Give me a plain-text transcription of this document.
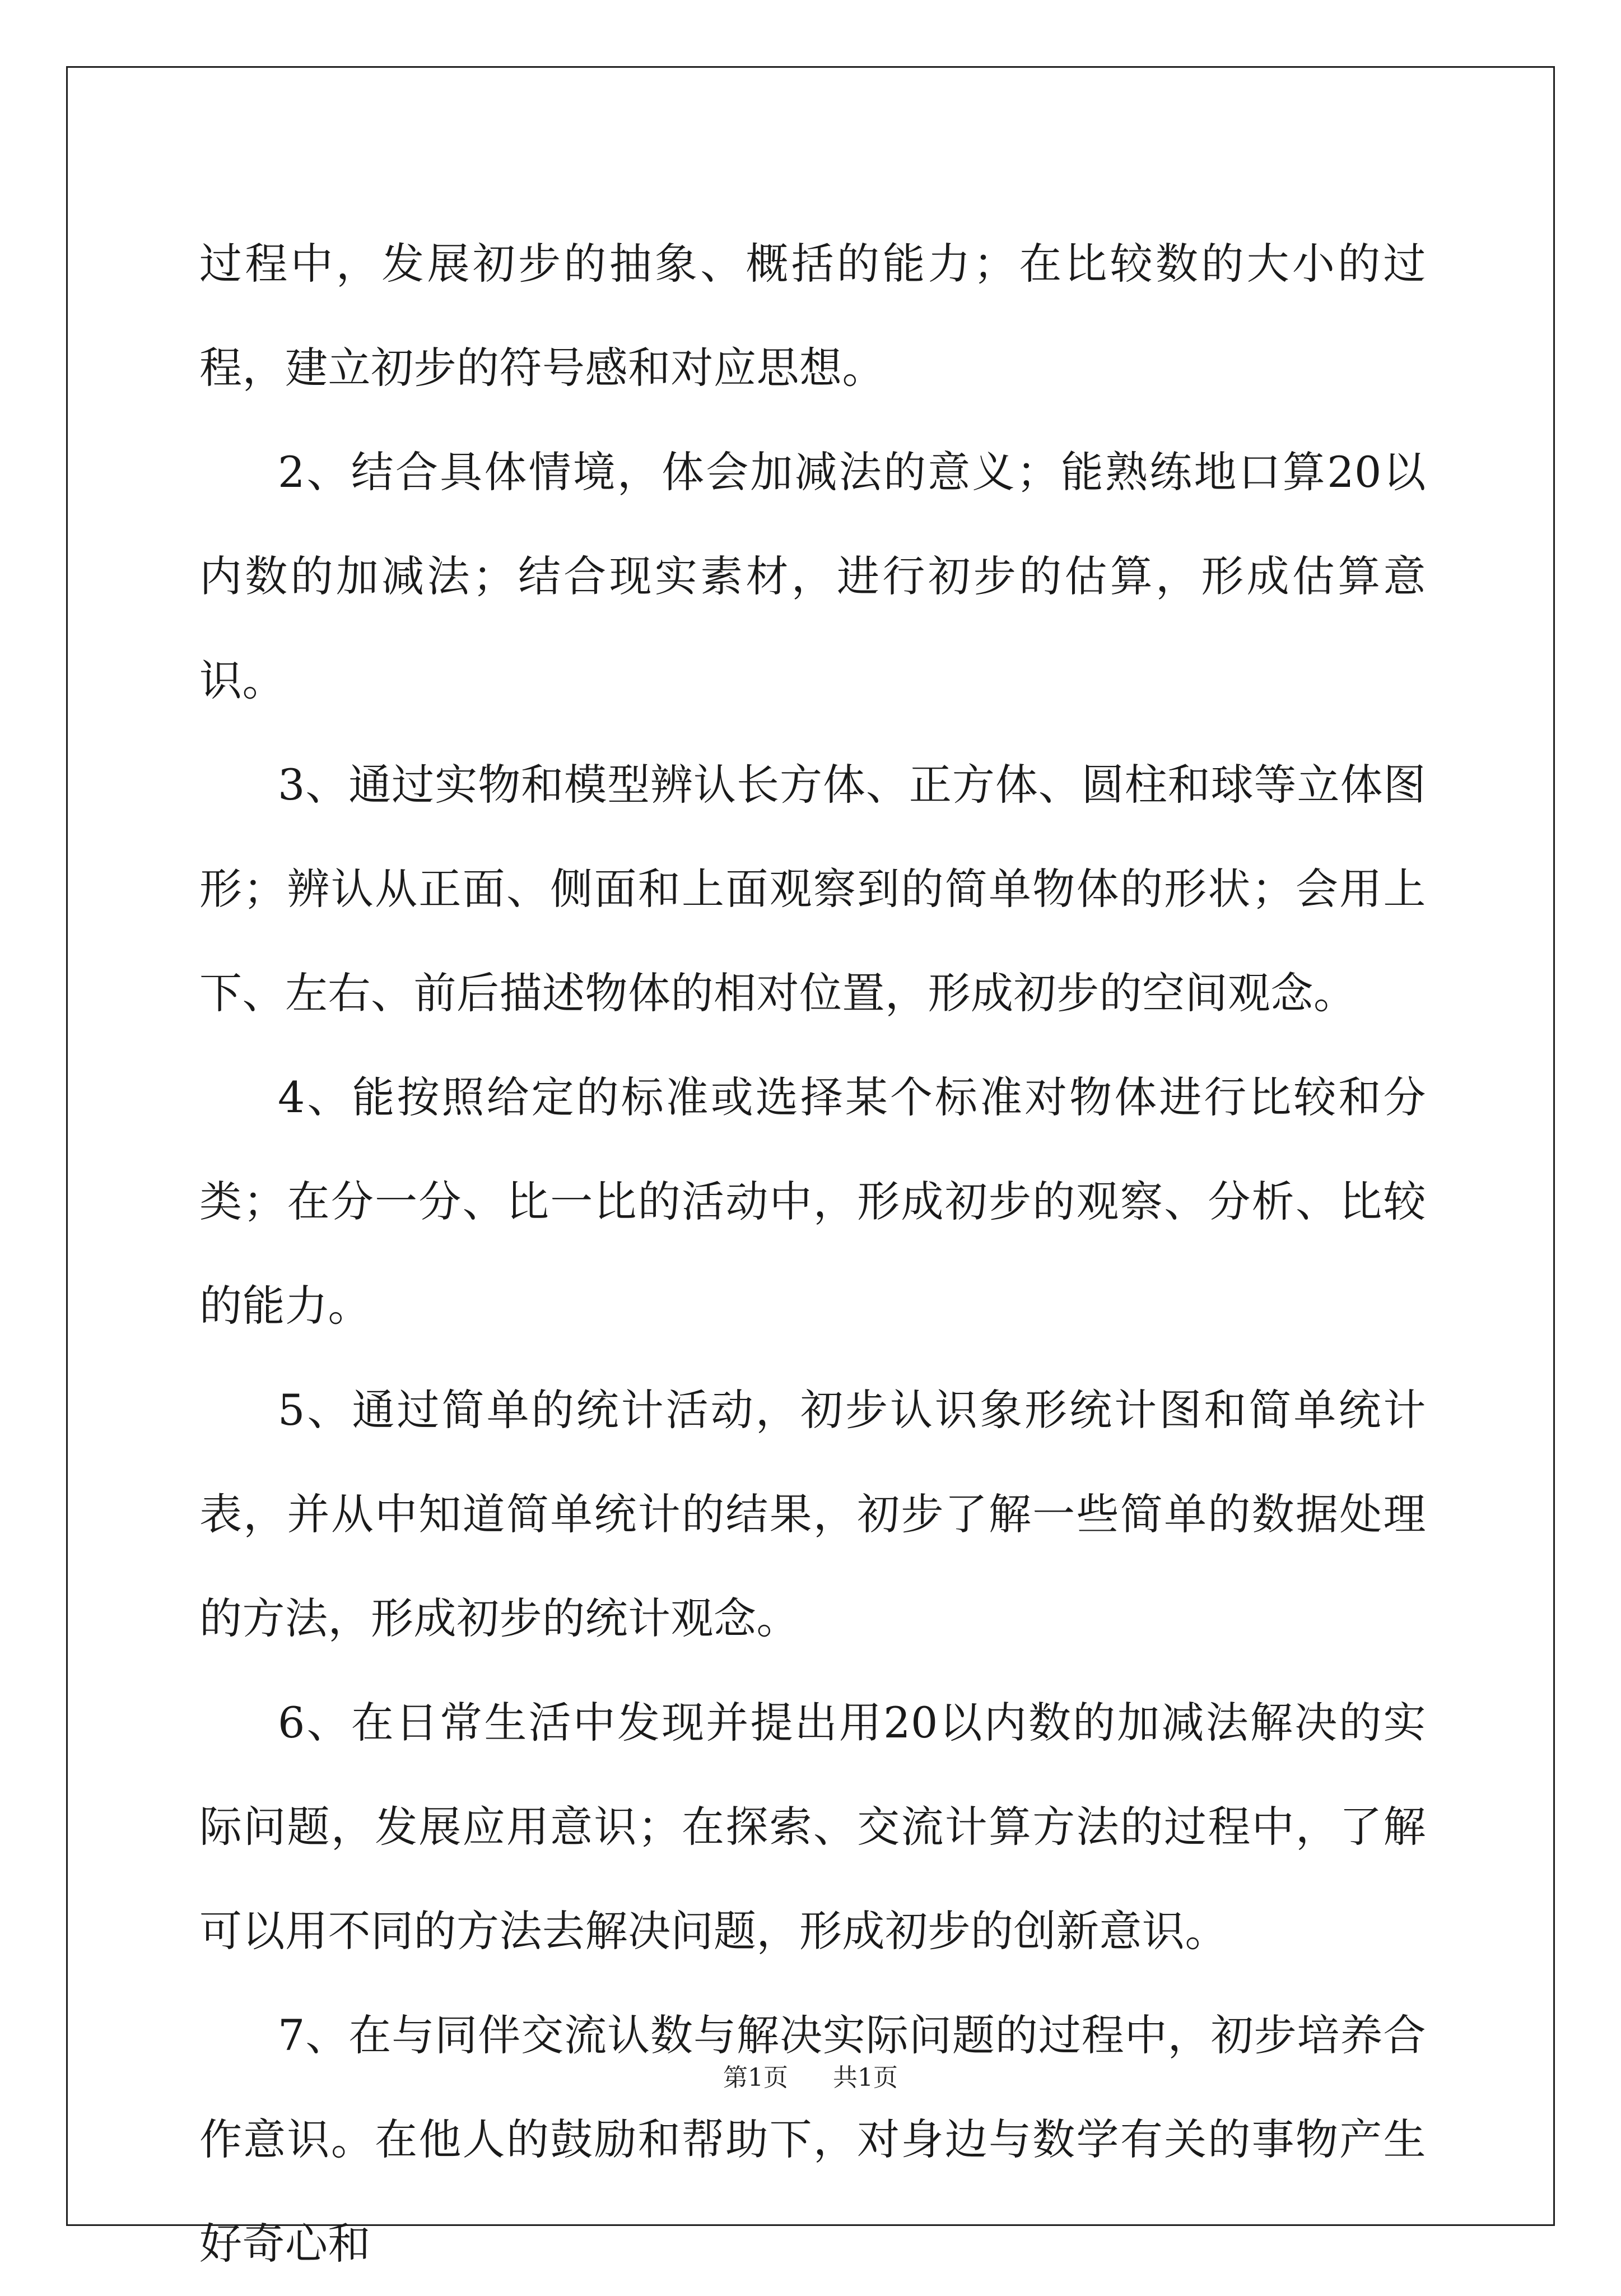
过程中，发展初步的抽象、概括的能力；在比较数的大小的过程，建立初步的符号感和对应思想。

2、结合具体情境，体会加减法的意义；能熟练地口算20以内数的加减法；结合现实素材，进行初步的估算，形成估算意识。

3、通过实物和模型辨认长方体、正方体、圆柱和球等立体图形；辨认从正面、侧面和上面观察到的简单物体的形状；会用上下、左右、前后描述物体的相对位置，形成初步的空间观念。

4、能按照给定的标准或选择某个标准对物体进行比较和分类；在分一分、比一比的活动中，形成初步的观察、分析、比较的能力。

5、通过简单的统计活动，初步认识象形统计图和简单统计表，并从中知道简单统计的结果，初步了解一些简单的数据处理的方法，形成初步的统计观念。

6、在日常生活中发现并提出用20以内数的加减法解决的实际问题，发展应用意识；在探索、交流计算方法的过程中，了解可以用不同的方法去解决问题，形成初步的创新意识。

7、在与同伴交流认数与解决实际问题的过程中，初步培养合作意识。在他人的鼓励和帮助下，对身边与数学有关的事物产生好奇心和

第1页 共1页
